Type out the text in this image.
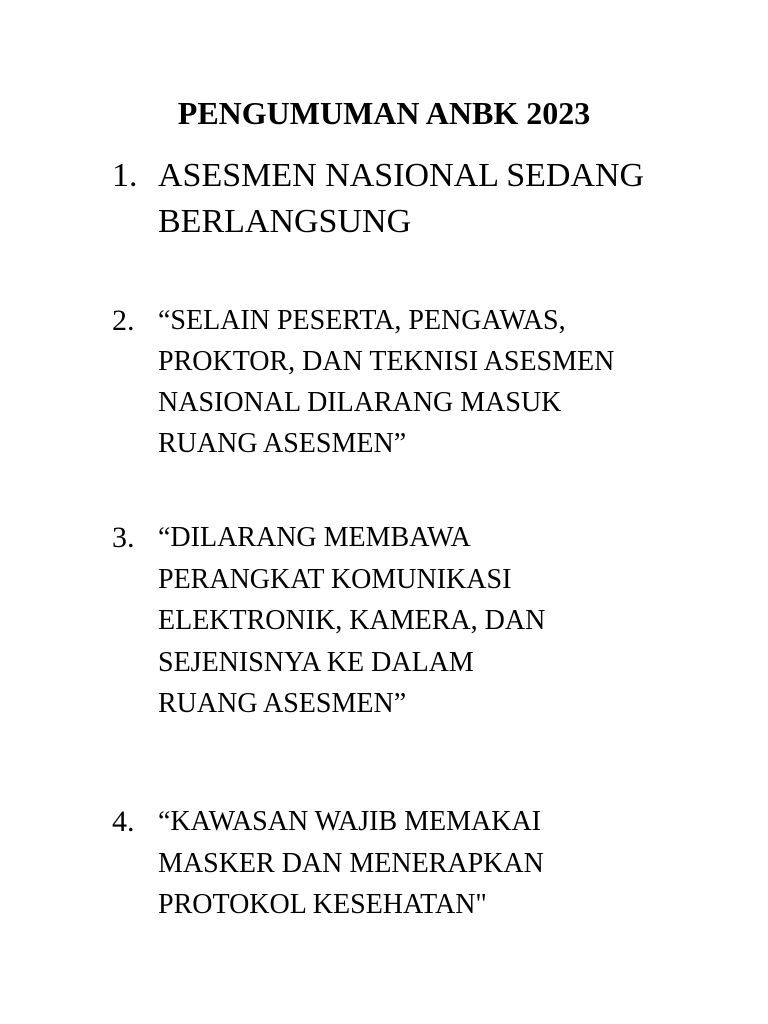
PENGUMUMAN ANBK 2023
1. ASESMEN NASIONAL SEDANG
BERLANGSUNG
2. “SELAIN PESERTA, PENGAWAS,
PROKTOR, DAN TEKNISI ASESMEN
NASIONAL DILARANG MASUK
RUANG ASESMEN”
3. “DILARANG MEMBAWA
PERANGKAT KOMUNIKASI
ELEKTRONIK, KAMERA, DAN
SEJENISNYA KE DALAM
RUANG ASESMEN”
4. “KAWASAN WAJIB MEMAKAI
MASKER DAN MENERAPKAN
PROTOKOL KESEHATAN"
